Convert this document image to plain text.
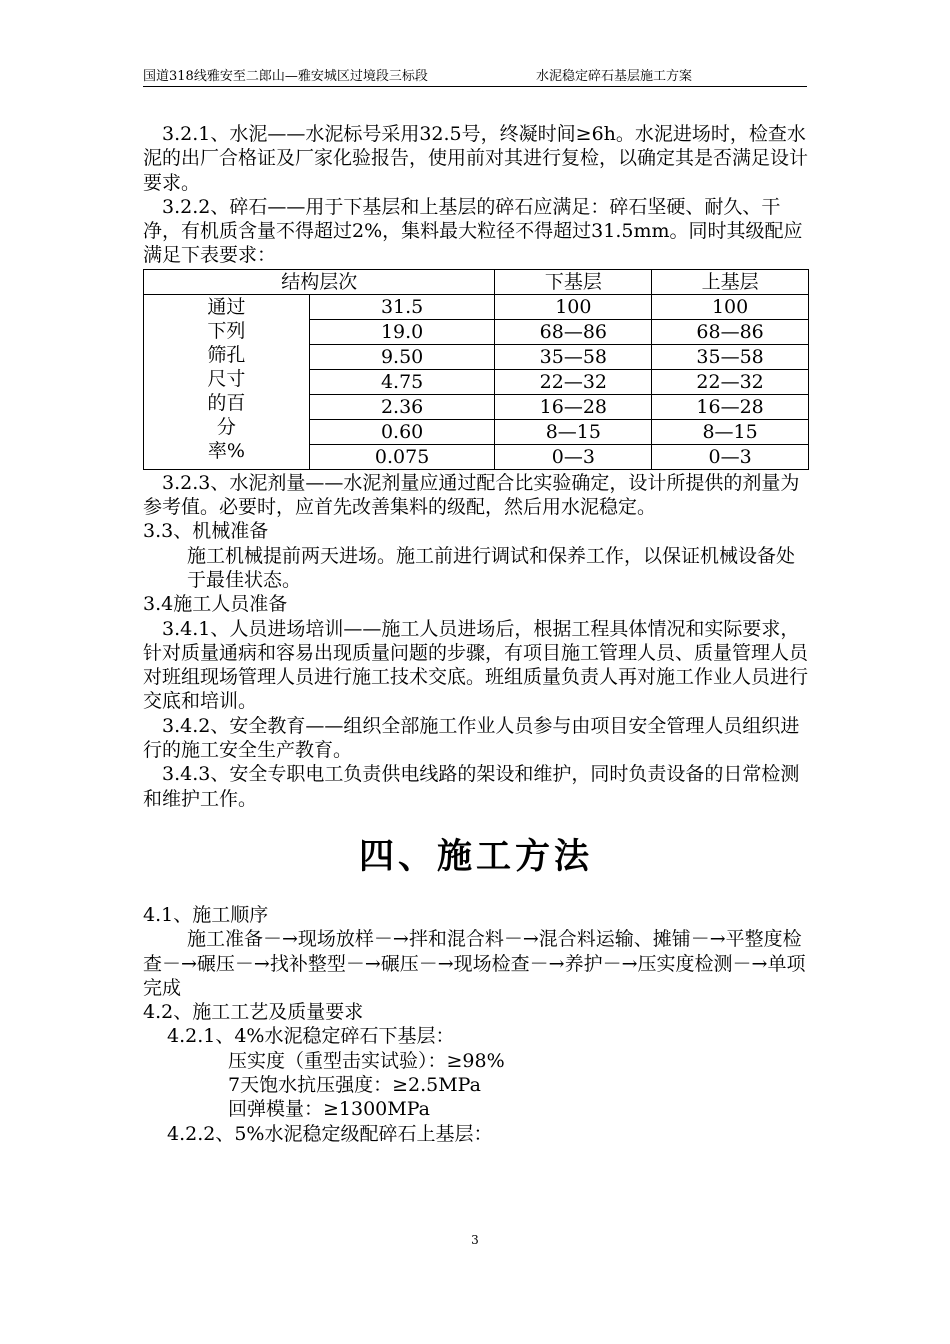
国道318线雅安至二郎山—雅安城区过境段三标段	水泥稳定碎石基层施工方案

3.2.1、水泥——水泥标号采用32.5号，终凝时间≥6h。水泥进场时，检查水泥的出厂合格证及厂家化验报告，使用前对其进行复检，以确定其是否满足设计要求。

3.2.2、碎石——用于下基层和上基层的碎石应满足：碎石坚硬、耐久、干净，有机质含量不得超过2%，集料最大粒径不得超过31.5mm。同时其级配应满足下表要求：

结构层次		下基层	上基层

通过下列筛孔尺寸的百分率%	31.5	100	100
	19.0	68—86	68—86
	9.50	35—58	35—58
	4.75	22—32	22—32
	2.36	16—28	16—28
	0.60	8—15	8—15
	0.075	0—3	0—3

3.2.3、水泥剂量——水泥剂量应通过配合比实验确定，设计所提供的剂量为参考值。必要时，应首先改善集料的级配，然后用水泥稳定。

3.3、机械准备

施工机械提前两天进场。施工前进行调试和保养工作，以保证机械设备处于最佳状态。

3.4施工人员准备

3.4.1、人员进场培训——施工人员进场后，根据工程具体情况和实际要求，针对质量通病和容易出现质量问题的步骤，有项目施工管理人员、质量管理人员对班组现场管理人员进行施工技术交底。班组质量负责人再对施工作业人员进行交底和培训。

3.4.2、安全教育——组织全部施工作业人员参与由项目安全管理人员组织进行的施工安全生产教育。

3.4.3、安全专职电工负责供电线路的架设和维护，同时负责设备的日常检测和维护工作。

四、施工方法

4.1、施工顺序

施工准备－→现场放样－→拌和混合料－→混合料运输、摊铺－→平整度检查－→碾压－→找补整型－→碾压－→现场检查－→养护－→压实度检测－→单项完成

4.2、施工工艺及质量要求

4.2.1、4%水泥稳定碎石下基层：

压实度（重型击实试验）：≥98%

7天饱水抗压强度：≥2.5MPa

回弹模量：≥1300MPa

4.2.2、5%水泥稳定级配碎石上基层：

3
